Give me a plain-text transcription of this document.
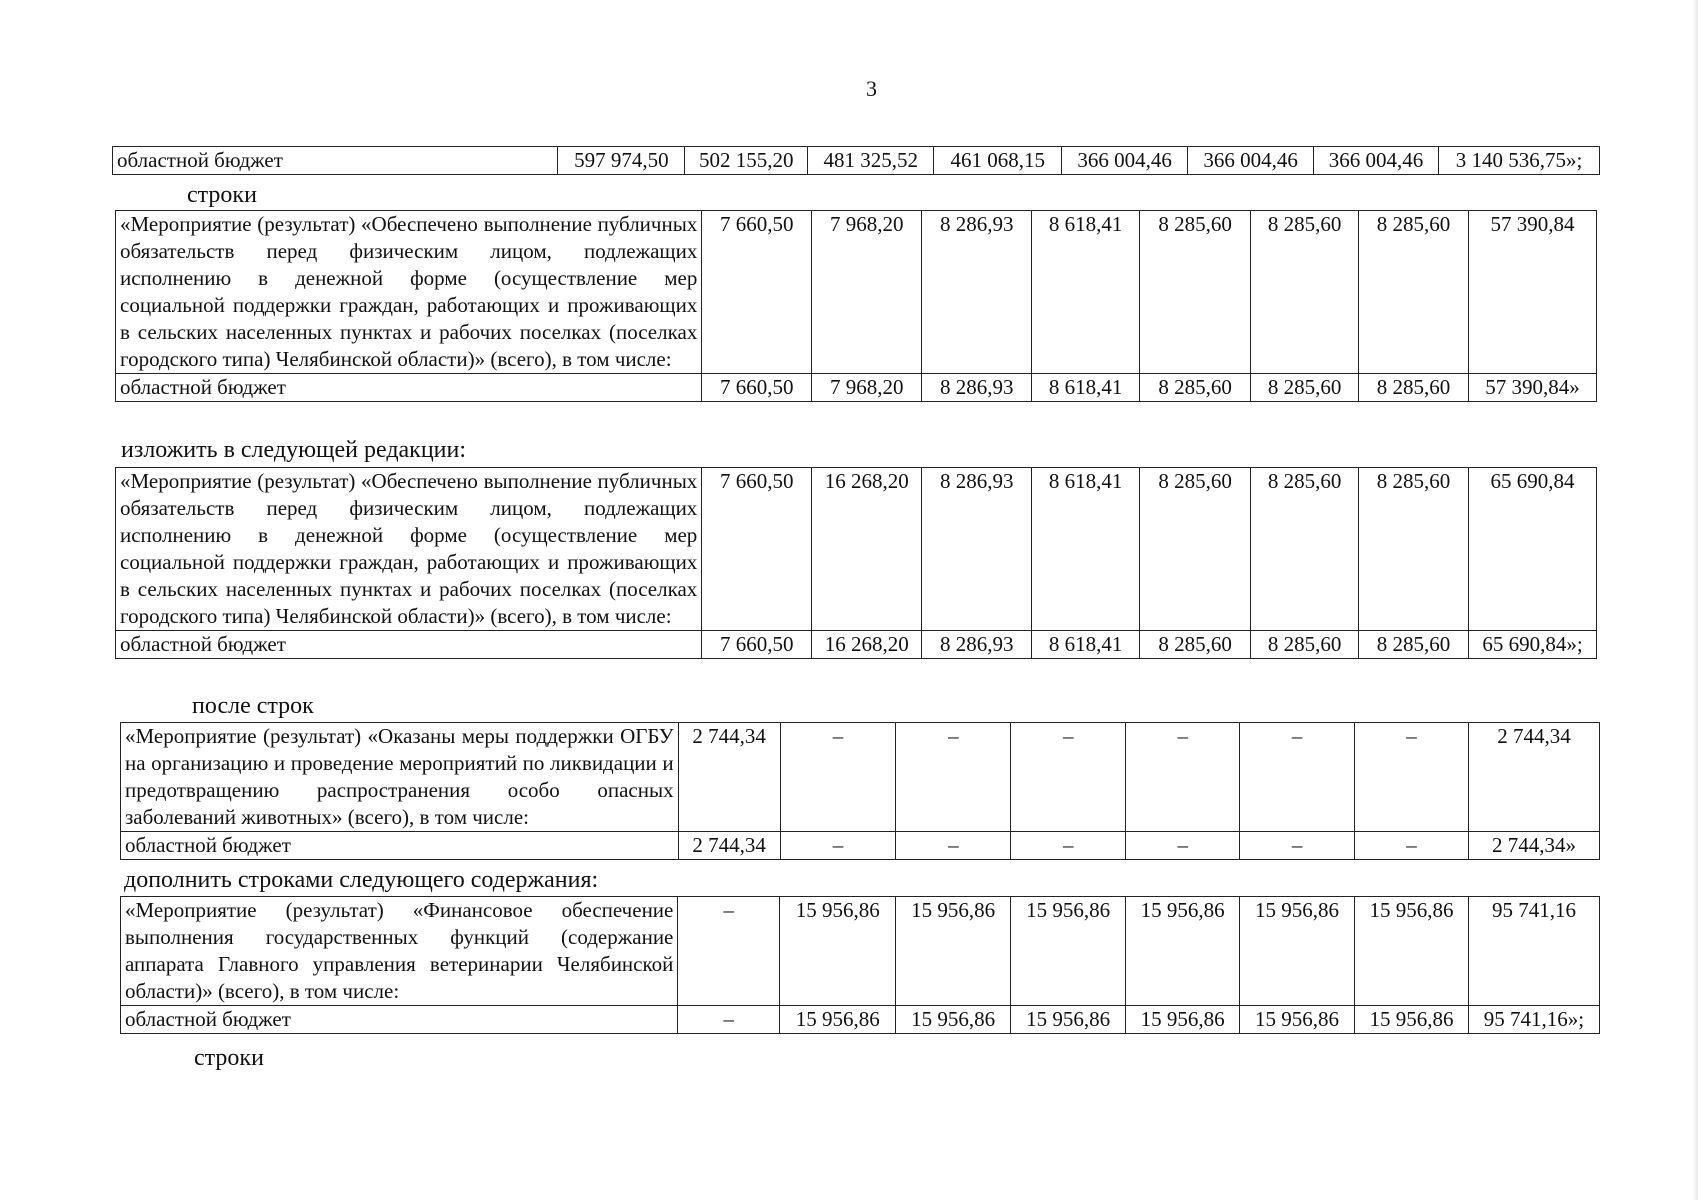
3
областной бюджет	597 974,50	502 155,20	481 325,52	461 068,15	366 004,46	366 004,46	366 004,46	3 140 536,75»;
строки
«Мероприятие (результат) «Обеспечено выполнение публичных обязательств перед физическим лицом, подлежащих исполнению в денежной форме (осуществление мер социальной поддержки граждан, работающих и проживающих в сельских населенных пунктах и рабочих поселках (поселках городского типа) Челябинской области)» (всего), в том числе:	7 660,50	7 968,20	8 286,93	8 618,41	8 285,60	8 285,60	8 285,60	57 390,84
областной бюджет	7 660,50	7 968,20	8 286,93	8 618,41	8 285,60	8 285,60	8 285,60	57 390,84»
изложить в следующей редакции:
«Мероприятие (результат) «Обеспечено выполнение публичных обязательств перед физическим лицом, подлежащих исполнению в денежной форме (осуществление мер социальной поддержки граждан, работающих и проживающих в сельских населенных пунктах и рабочих поселках (поселках городского типа) Челябинской области)» (всего), в том числе:	7 660,50	16 268,20	8 286,93	8 618,41	8 285,60	8 285,60	8 285,60	65 690,84
областной бюджет	7 660,50	16 268,20	8 286,93	8 618,41	8 285,60	8 285,60	8 285,60	65 690,84»;
после строк
«Мероприятие (результат) «Оказаны меры поддержки ОГБУ на организацию и проведение мероприятий по ликвидации и предотвращению распространения особо опасных заболеваний животных» (всего), в том числе:	2 744,34	–	–	–	–	–	–	2 744,34
областной бюджет	2 744,34	–	–	–	–	–	–	2 744,34»
дополнить строками следующего содержания:
«Мероприятие (результат) «Финансовое обеспечение выполнения государственных функций (содержание аппарата Главного управления ветеринарии Челябинской области)» (всего), в том числе:	–	15 956,86	15 956,86	15 956,86	15 956,86	15 956,86	15 956,86	95 741,16
областной бюджет	–	15 956,86	15 956,86	15 956,86	15 956,86	15 956,86	15 956,86	95 741,16»;
строки
